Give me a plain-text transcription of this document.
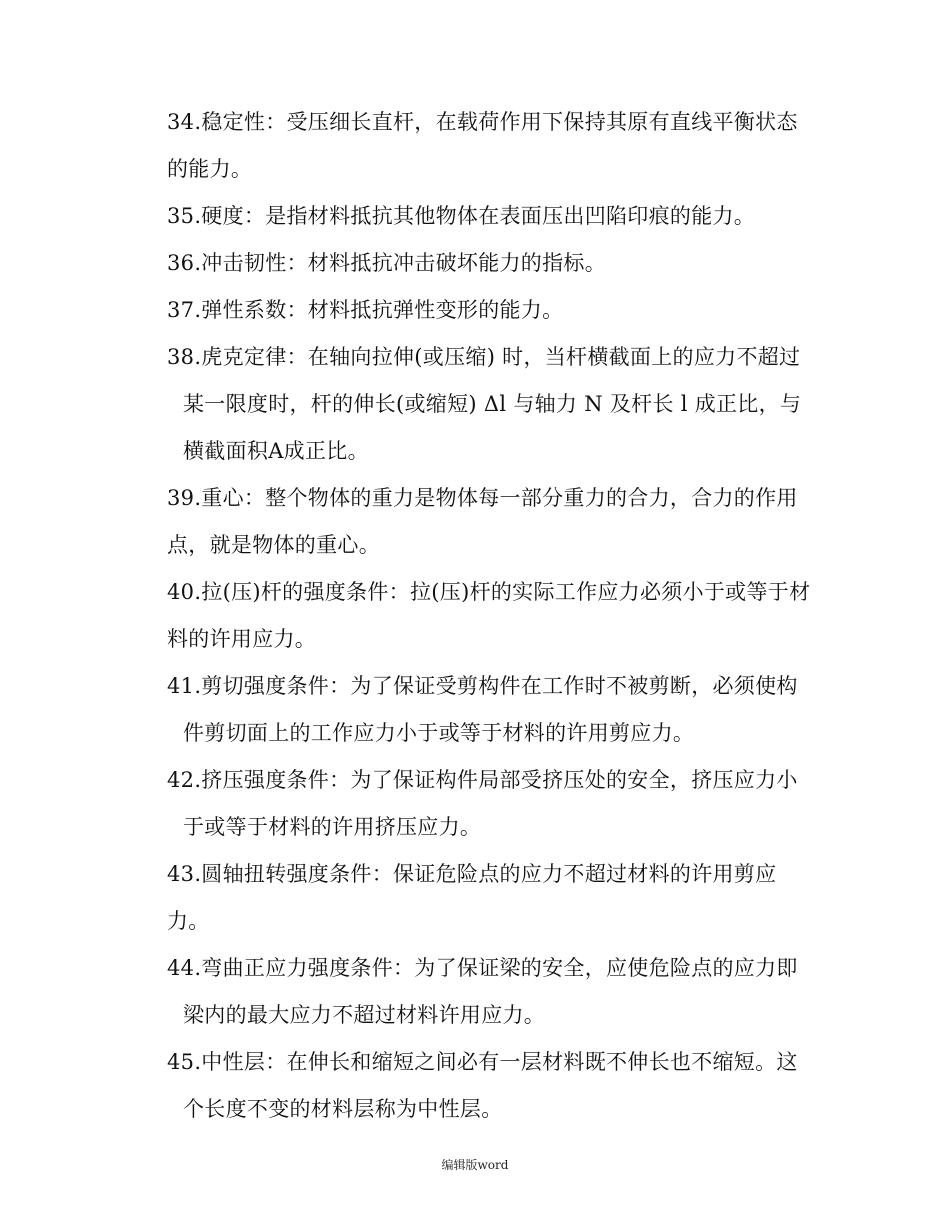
34.稳定性：受压细长直杆，在载荷作用下保持其原有直线平衡状态的能力。

35.硬度：是指材料抵抗其他物体在表面压出凹陷印痕的能力。

36.冲击韧性：材料抵抗冲击破坏能力的指标。

37.弹性系数：材料抵抗弹性变形的能力。

38.虎克定律：在轴向拉伸(或压缩) 时，当杆横截面上的应力不超过某一限度时，杆的伸长(或缩短) Δl 与轴力 N 及杆长 l 成正比，与横截面积A成正比。

39.重心：整个物体的重力是物体每一部分重力的合力，合力的作用点，就是物体的重心。

40.拉(压)杆的强度条件：拉(压)杆的实际工作应力必须小于或等于材料的许用应力。

41.剪切强度条件：为了保证受剪构件在工作时不被剪断，必须使构件剪切面上的工作应力小于或等于材料的许用剪应力。

42.挤压强度条件：为了保证构件局部受挤压处的安全，挤压应力小于或等于材料的许用挤压应力。

43.圆轴扭转强度条件：保证危险点的应力不超过材料的许用剪应力。

44.弯曲正应力强度条件：为了保证梁的安全，应使危险点的应力即梁内的最大应力不超过材料许用应力。

45.中性层：在伸长和缩短之间必有一层材料既不伸长也不缩短。这个长度不变的材料层称为中性层。

编辑版word
